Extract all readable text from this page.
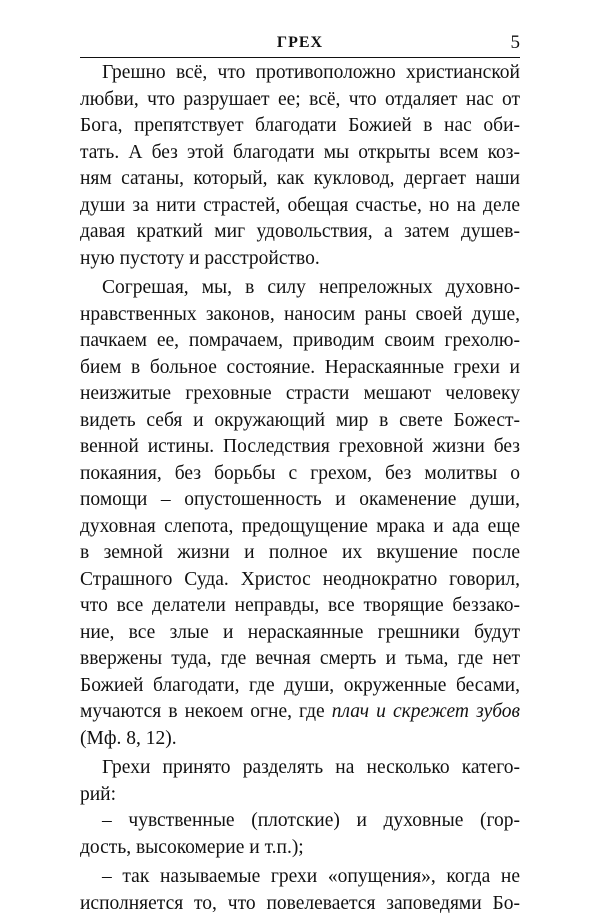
ГРЕХ	5
Грешно всё, что противоположно христианской
любви, что разрушает ее; всё, что отдаляет нас от
Бога, препятствует благодати Божией в нас оби-
тать. А без этой благодати мы открыты всем коз-
ням сатаны, который, как кукловод, дергает наши
души за нити страстей, обещая счастье, но на деле
давая краткий миг удовольствия, а затем душев-
ную пустоту и расстройство.
Согрешая, мы, в силу непреложных духовно-
нравственных законов, наносим раны своей душе,
пачкаем ее, помрачаем, приводим своим грехолю-
бием в больное состояние. Нераскаянные грехи и
неизжитые греховные страсти мешают человеку
видеть себя и окружающий мир в свете Божест-
венной истины. Последствия греховной жизни без
покаяния, без борьбы с грехом, без молитвы о
помощи – опустошенность и окаменение души,
духовная слепота, предощущение мрака и ада еще
в земной жизни и полное их вкушение после
Страшного Суда. Христос неоднократно говорил,
что все делатели неправды, все творящие беззако-
ние, все злые и нераскаянные грешники будут
ввержены туда, где вечная смерть и тьма, где нет
Божией благодати, где души, окруженные бесами,
мучаются в некоем огне, где плач и скрежет зубов
(Мф. 8, 12).
Грехи принято разделять на несколько катего-
рий:
– чувственные (плотские) и духовные (гор-
дость, высокомерие и т.п.);
– так называемые грехи «опущения», когда не
исполняется то, что повелевается заповедями Бо-
